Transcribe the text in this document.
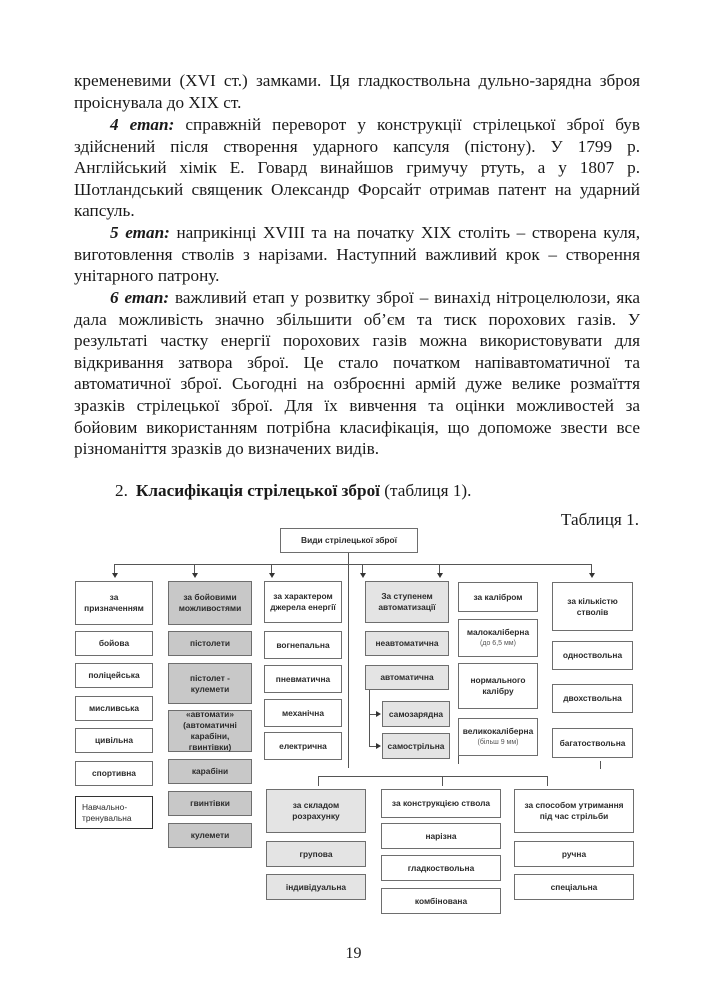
кременевими (XVI ст.) замками. Ця гладкоствольна дульно-зарядна зброя проіснувала до XIX ст.
4 етап: справжній переворот у конструкції стрілецької зброї був здійснений після створення ударного капсуля (пістону). У 1799 р. Англійський хімік Е. Говард винайшов гримучу ртуть, а у 1807 р. Шотландський священик Олександр Форсайт отримав патент на ударний капсуль.
5 етап: наприкінці XVIII та на початку XIX століть – створена куля, виготовлення стволів з нарізами. Наступний важливий крок – створення унітарного патрону.
6 етап: важливий етап у розвитку зброї – винахід нітроцелюлози, яка дала можливість значно збільшити об’єм та тиск порохових газів. У результаті частку енергії порохових газів можна використовувати для відкривання затвора зброї. Це стало початком напівавтоматичної та автоматичної зброї. Сьогодні на озброєнні армій дуже велике розмаїття зразків стрілецької зброї. Для їх вивчення та оцінки можливостей за бойовим використанням потрібна класифікація, що допоможе звести все різноманіття зразків до визначених видів.
2. Класифікація стрілецької зброї (таблиця 1).
Таблиця 1.
Види стрілецької зброї
за призначенням
бойова
поліцейська
мисливська
цивільна
спортивна
Навчально-тренувальна
за бойовими можливостями
пістолети
пістолет - кулемети
«автомати»
(автоматичні карабіни, гвинтівки)
карабіни
гвинтівки
кулемети
за характером джерела енергії
вогнепальна
пневматична
механічна
електрична
За ступенем автоматизації
неавтоматична
автоматична
самозарядна
самострільна
за калібром
малокаліберна
(до 6,5 мм)
нормального калібру
великокаліберна
(більш 9 мм)
за кількістю стволів
одноствольна
двохствольна
багатоствольна
за складом розрахунку
групова
індивідуальна
за конструкцією ствола
нарізна
гладкоствольна
комбінована
за способом утримання під час стрільби
ручна
спеціальна
19
